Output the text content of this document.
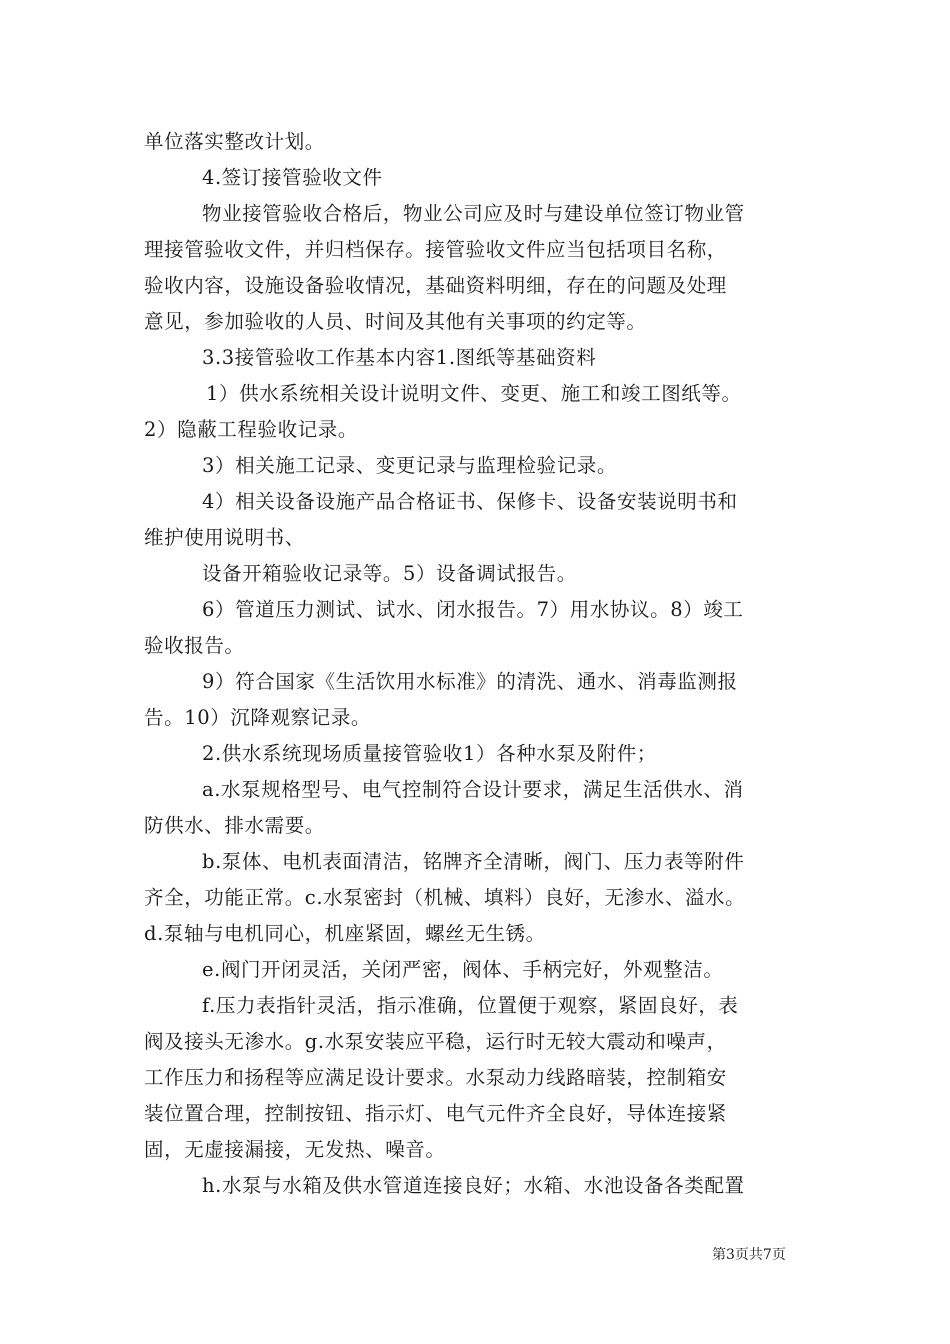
单位落实整改计划。
4.签订接管验收文件
物业接管验收合格后，物业公司应及时与建设单位签订物业管
理接管验收文件，并归档保存。接管验收文件应当包括项目名称，
验收内容，设施设备验收情况，基础资料明细，存在的问题及处理
意见，参加验收的人员、时间及其他有关事项的约定等。
3.3接管验收工作基本内容1.图纸等基础资料
1）供水系统相关设计说明文件、变更、施工和竣工图纸等。
2）隐蔽工程验收记录。
3）相关施工记录、变更记录与监理检验记录。
4）相关设备设施产品合格证书、保修卡、设备安装说明书和
维护使用说明书、
设备开箱验收记录等。5）设备调试报告。
6）管道压力测试、试水、闭水报告。7）用水协议。8）竣工
验收报告。
9）符合国家《生活饮用水标准》的清洗、通水、消毒监测报
告。10）沉降观察记录。
2.供水系统现场质量接管验收1）各种水泵及附件；
a.水泵规格型号、电气控制符合设计要求，满足生活供水、消
防供水、排水需要。
b.泵体、电机表面清洁，铭牌齐全清晰，阀门、压力表等附件
齐全，功能正常。c.水泵密封（机械、填料）良好，无渗水、溢水。
d.泵轴与电机同心，机座紧固，螺丝无生锈。
e.阀门开闭灵活，关闭严密，阀体、手柄完好，外观整洁。
f.压力表指针灵活，指示准确，位置便于观察，紧固良好，表
阀及接头无渗水。g.水泵安装应平稳，运行时无较大震动和噪声，
工作压力和扬程等应满足设计要求。水泵动力线路暗装，控制箱安
装位置合理，控制按钮、指示灯、电气元件齐全良好，导体连接紧
固，无虚接漏接，无发热、噪音。
h.水泵与水箱及供水管道连接良好；水箱、水池设备各类配置
第3页共7页
